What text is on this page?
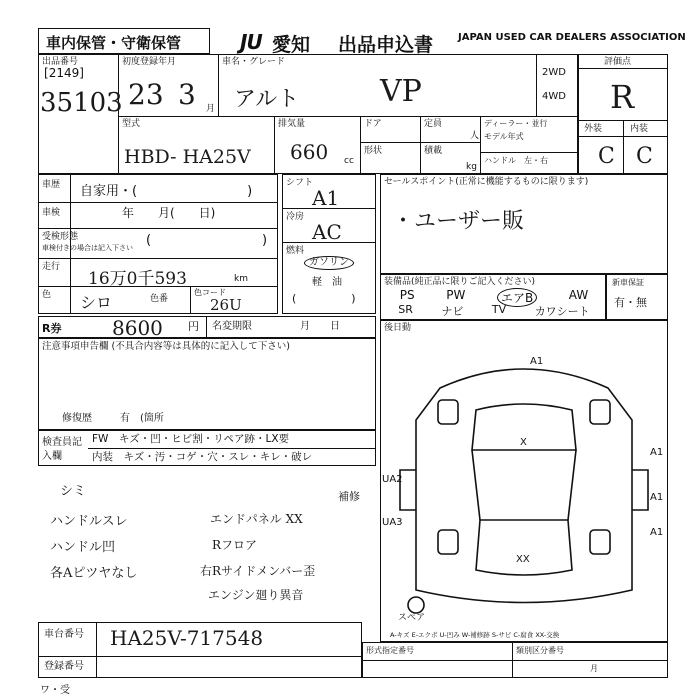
車内保管・守衛保管	JU 愛知 出品申込書 JAPAN USED CAR DEALERS ASSOCIATION
評価点
R
外装	内装
C C
出品番号
[2149]
35103
初度登録年月
23 3 月
車名・グレード
アルト	VP
2WD
4WD
型式
HBD- HA25V
排気量
660 cc
ドア
形状
定員
人
積載
kg
ディーラー・並行
モデル年式
ハンドル　左・右
車歴 自家用・(	)
車検	年　　月(　　日)
受検形態
車検付きの場合は記入下さい (	)
走行
16万0千593	km
色 シロ	色番
色コード
26U
シフト
A1
冷房
AC
燃料
ガソリン
軽　油
(　　　　　)
セールスポイント(正常に機能するものに限ります)
・ユーザー販
装備品(純正品に限りご記入ください)
PS	PW	エアB	AW
SR	ナビ	TV	カワシート
新車保証
有・無
R券	8600 円 名変期限	月　　日	後日動
注意事項申告欄 (不具合内容等は具体的に記入して下さい)
修復歴	有　(箇所
検査員記入欄
FW　キズ・凹・ヒビ割・リペア跡・LX要
内装　キズ・汚・コゲ・穴・スレ・キレ・破レ
シミ
ハンドルスレ
ハンドル凹
各Aピツヤなし
エンドパネル XX
Rフロア
右Rサイドメンバー歪
エンジン廻り異音
補修
A1
A1
A1
UA2
UA3
X
XX
A1
スペア
A-キズ E-エクボ U-凹み W-補修跡 S-サビ C-腐食 XX-交換
車台番号 HA25V-717548
登録番号
形式指定番号	類別区分番号
月
ワ・受
